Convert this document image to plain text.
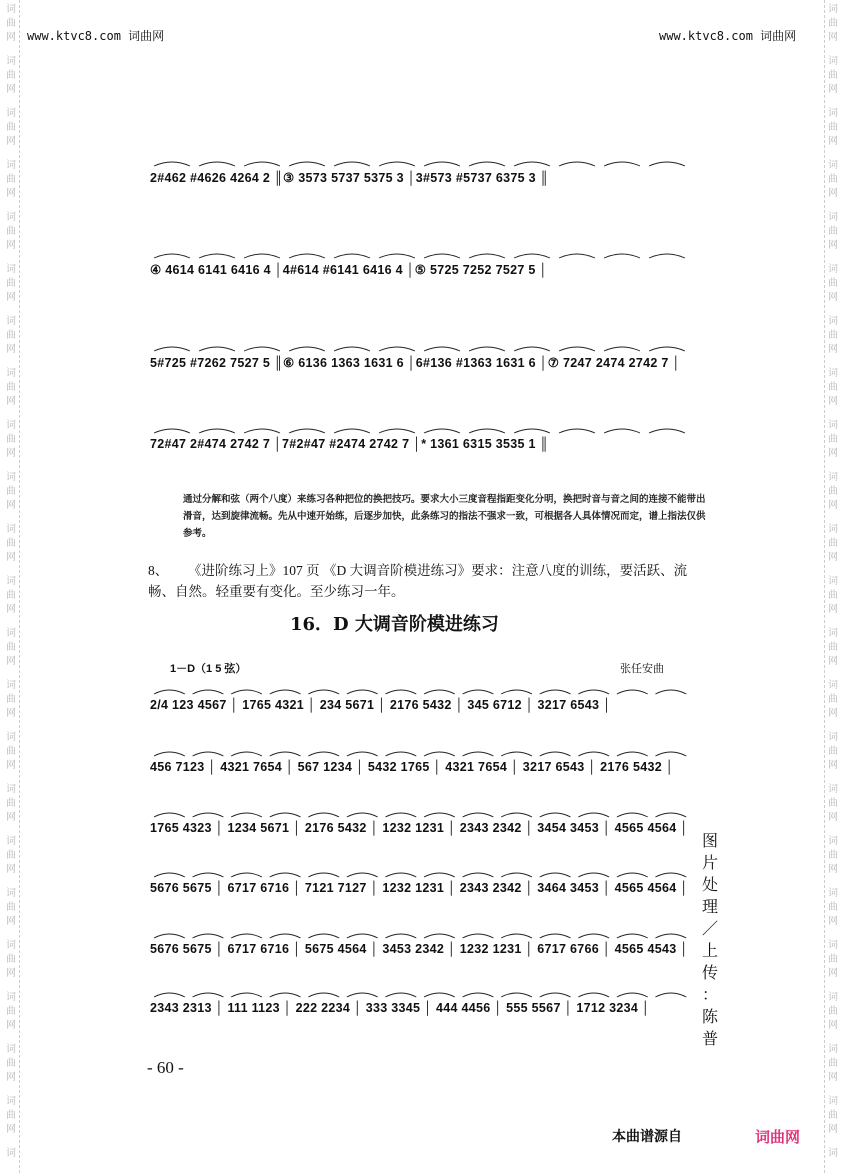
词
曲
网
词
曲
网
词
曲
网
词
曲
网
词
曲
网
词
曲
网
词
曲
网
词
曲
网
词
曲
网
词
曲
网
词
曲
网
词
曲
网
词
曲
网
词
曲
网
词
曲
网
词
曲
网
词
曲
网
词
曲
网
词
曲
网
词
曲
网
词
曲
网
词
曲
网
词
词
曲
网
词
曲
网
词
曲
网
词
曲
网
词
曲
网
词
曲
网
词
曲
网
词
曲
网
词
曲
网
词
曲
网
词
曲
网
词
曲
网
词
曲
网
词
曲
网
词
曲
网
词
曲
网
词
曲
网
词
曲
网
词
曲
网
词
曲
网
词
曲
网
词
曲
网
词
www.ktvc8.com 词曲网	www.ktvc8.com 词曲网
2#462 #4626 4264 2 ║③ 3573 5737 5375 3 │3#573 #5737 6375 3 ║
④ 4614 6141 6416 4 │4#614 #6141 6416 4 │⑤ 5725 7252 7527 5 │
5#725 #7262 7527 5 ║⑥ 6136 1363 1631 6 │6#136 #1363 1631 6 │⑦ 7247 2474 2742 7 │
72#47 2#474 2742 7 │7#2#47 #2474 2742 7 │* 1361 6315 3535 1 ║
通过分解和弦（两个八度）来练习各种把位的换把技巧。要求大小三度音程指距变化分明，换把时音与音之间的连接不能带出滑音，达到旋律流畅。先从中速开始练，后逐步加快，此条练习的指法不强求一致，可根据各人具体情况而定，谱上指法仅供参考。
8、 《进阶练习上》107 页 《D 大调音阶模进练习》要求：注意八度的训练，要活跃、流畅、自然。轻重要有变化。至少练习一年。
16．D 大调音阶模进练习
1－D（1 5 弦）	张任安曲
2/4 123 4567 │ 1765 4321 │ 234 5671 │ 2176 5432 │ 345 6712 │ 3217 6543 │
456 7123 │ 4321 7654 │ 567 1234 │ 5432 1765 │ 4321 7654 │ 3217 6543 │ 2176 5432 │
1765 4323 │ 1234 5671 │ 2176 5432 │ 1232 1231 │ 2343 2342 │ 3454 3453 │ 4565 4564 │
5676 5675 │ 6717 6716 │ 7121 7127 │ 1232 1231 │ 2343 2342 │ 3464 3453 │ 4565 4564 │
5676 5675 │ 6717 6716 │ 5675 4564 │ 3453 2342 │ 1232 1231 │ 6717 6766 │ 4565 4543 │
2343 2313 │ 111 1123 │ 222 2234 │ 333 3345 │ 444 4456 │ 555 5567 │ 1712 3234 │
图
片
处
理
／
上
传
：
陈
普
- 60 -
本曲谱源自	词曲网
